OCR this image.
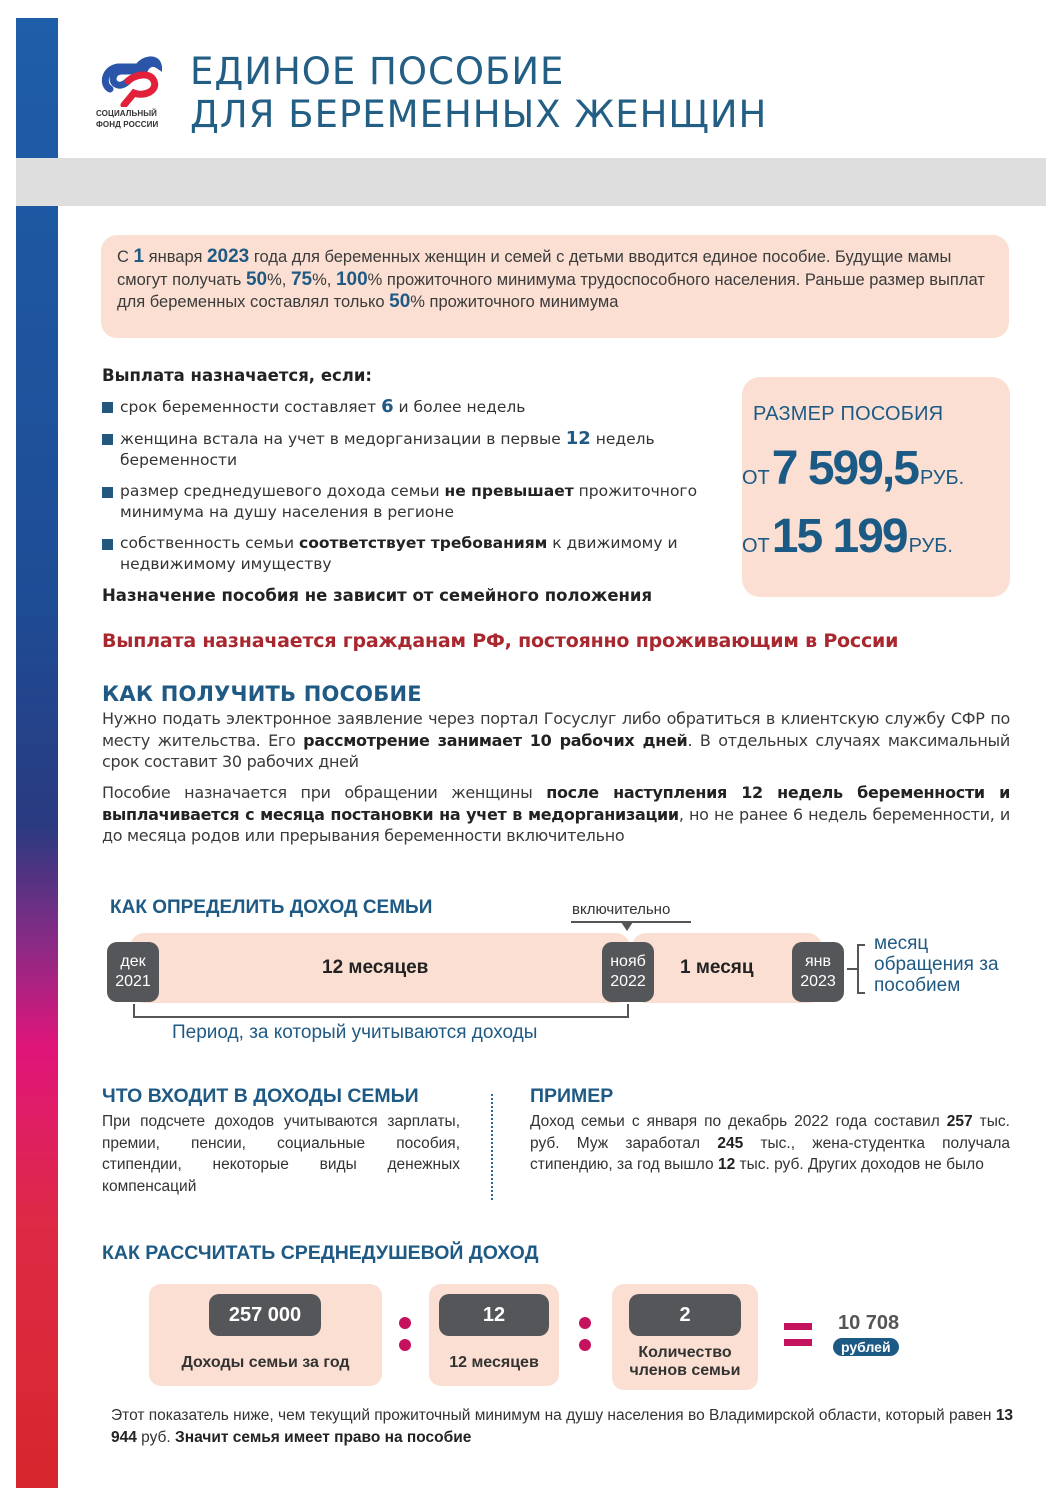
СОЦИАЛЬНЫЙ
ФОНД РОССИИ
ЕДИНОЕ ПОСОБИЕ
ДЛЯ БЕРЕМЕННЫХ ЖЕНЩИН
С 1 января 2023 года для беременных женщин и семей с детьми вводится единое пособие. Будущие мамы смогут получать 50%, 75%, 100% прожиточного минимума трудоспособного населения. Раньше размер выплат для беременных составлял только 50% прожиточного минимума
Выплата назначается, если:
срок беременности составляет 6 и более недель
женщина встала на учет в медорганизации в первые 12 недель беременности
размер среднедушевого дохода семьи не превышает прожиточного минимума на душу населения в регионе
собственность семьи соответствует требованиям к движимому и недвижимому имуществу
Назначение пособия не зависит от семейного положения
РАЗМЕР ПОСОБИЯ
ОТ7 599,5 РУБ.
ОТ15 199 РУБ.
Выплата назначается гражданам РФ, постоянно проживающим в России
КАК ПОЛУЧИТЬ ПОСОБИЕ

Нужно подать электронное заявление через портал Госуслуг либо обратиться в клиентскую службу СФР по месту жительства. Его рассмотрение занимает 10 рабочих дней. В отдельных случаях максимальный срок составит 30 рабочих дней

Пособие назначается при обращении женщины после наступления 12 недель беременности и выплачивается с месяца постановки на учет в медорганизации, но не ранее 6 недель беременности, и до месяца родов или прерывания беременности включительно

КАК ОПРЕДЕЛИТЬ ДОХОД СЕМЬИ	включительно
12 месяцев	1 месяц
дек
2021
нояб
2022
янв
2023
месяц обращения за пособием
Период, за который учитываются доходы
ЧТО ВХОДИТ В ДОХОДЫ СЕМЬИ
При подсчете доходов учитываются зарплаты, премии, пенсии, социальные пособия, стипендии, некоторые виды денежных компенсаций
ПРИМЕР
Доход семьи с января по декабрь 2022 года составил 257 тыс. руб. Муж заработал 245 тыс., жена-студентка получала стипендию, за год вышло 12 тыс. руб. Других доходов не было
КАК РАССЧИТАТЬ СРЕДНЕДУШЕВОЙ ДОХОД
257 000
Доходы семьи за год
12
12 месяцев
2
Количество членов семьи
10 708
рублей
Этот показатель ниже, чем текущий прожиточный минимум на душу населения во Владимирской области, который равен 13 944 руб. Значит семья имеет право на пособие
